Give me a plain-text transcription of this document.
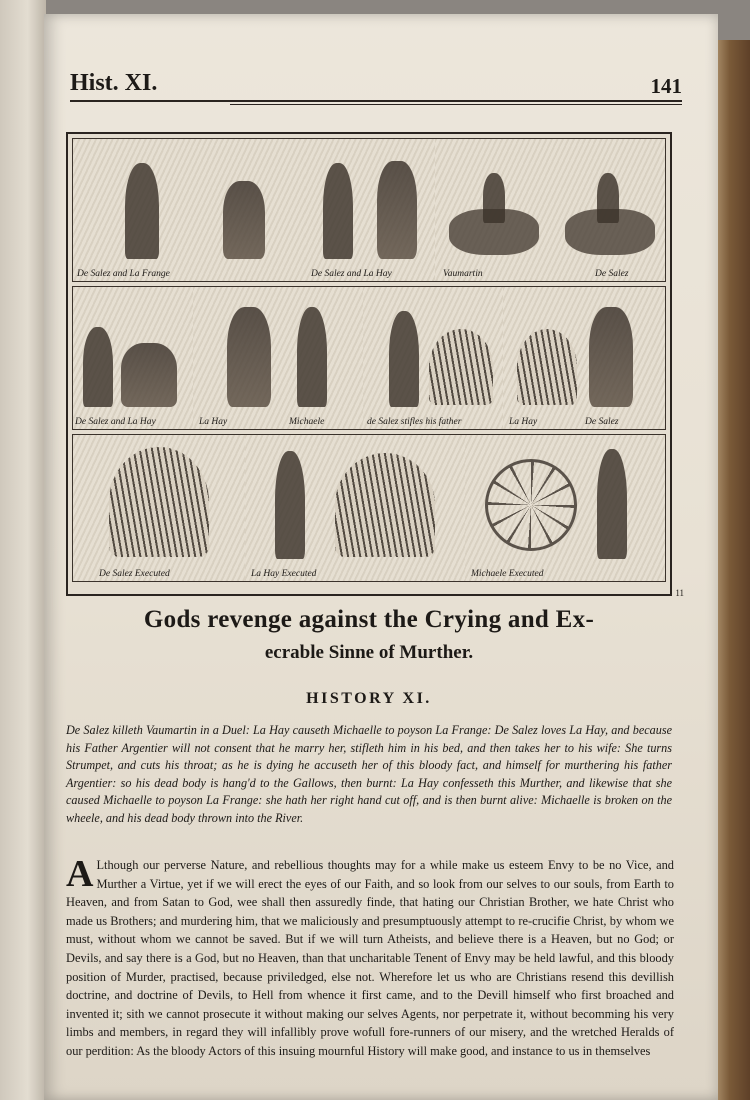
Hist. XI.	141
De Salez and La Frange	De Salez and La Hay	Vaumartin	De Salez
De Salez and La Hay	La Hay	Michaele	de Salez stifles his father	La Hay	De Salez
De Salez Executed	La Hay Executed	Michaele Executed
11
Gods revenge against the Crying and Ex-
ecrable Sinne of Murther.
HISTORY XI.
De Salez killeth Vaumartin in a Duel: La Hay causeth Michaelle to poyson La Frange: De Salez loves La Hay, and because his Father Argentier will not consent that he marry her, stifleth him in his bed, and then takes her to his wife: She turns Strumpet, and cuts his throat; as he is dying he accuseth her of this bloody fact, and himself for murthering his father Argentier: so his dead body is hang'd to the Gallows, then burnt: La Hay confesseth this Murther, and likewise that she caused Michaelle to poyson La Frange: she hath her right hand cut off, and is then burnt alive: Michaelle is broken on the wheele, and his dead body thrown into the River.
A Lthough our perverse Nature, and rebellious thoughts may for a while make us esteem Envy to be no Vice, and Murther a Virtue, yet if we will erect the eyes of our Faith, and so look from our selves to our souls, from Earth to Heaven, and from Satan to God, wee shall then assuredly finde, that hating our Christian Brother, we hate Christ who made us Brothers; and murdering him, that we maliciously and presumptuously attempt to re-crucifie Christ, by whom we must, without whom we cannot be saved. But if we will turn Atheists, and believe there is a Heaven, but no God; or Devils, and say there is a God, but no Heaven, than that uncharitable Tenent of Envy may be held lawful, and this bloody position of Murder, practised, because priviledged, else not. Wherefore let us who are Christians resend this devillish doctrine, and doctrine of Devils, to Hell from whence it first came, and to the Devill himself who first broached and invented it; sith we cannot prosecute it without making our selves Agents, nor perpetrate it, without becomming his very limbs and members, in regard they will infallibly prove wofull fore-runners of our misery, and the wretched Heralds of our perdition: As the bloody Actors of this insuing mournful History will make good, and instance to us in themselves
